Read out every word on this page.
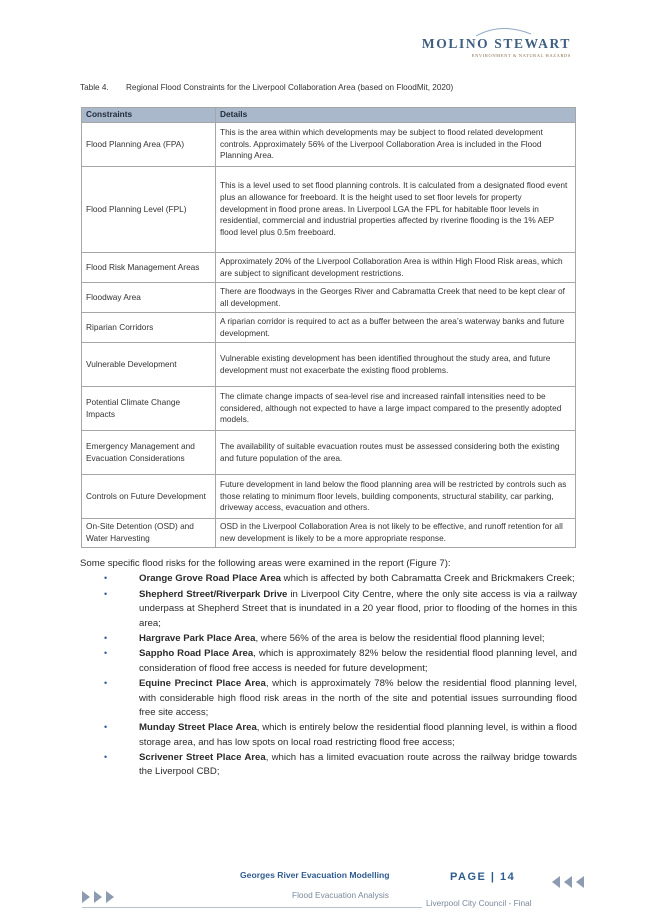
MOLINO STEWART
ENVIRONMENT & NATURAL HAZARDS
Table 4. Regional Flood Constraints for the Liverpool Collaboration Area (based on FloodMit, 2020)
Constraints	Details
Flood Planning Area (FPA)	This is the area within which developments may be subject to flood related development controls. Approximately 56% of the Liverpool Collaboration Area is included in the Flood Planning Area.
Flood Planning Level (FPL)	This is a level used to set flood planning controls. It is calculated from a designated flood event plus an allowance for freeboard. It is the height used to set floor levels for property development in flood prone areas. In Liverpool LGA the FPL for habitable floor levels in residential, commercial and industrial properties affected by riverine flooding is the 1% AEP flood level plus 0.5m freeboard.
Flood Risk Management Areas	Approximately 20% of the Liverpool Collaboration Area is within High Flood Risk areas, which are subject to significant development restrictions.
Floodway Area	There are floodways in the Georges River and Cabramatta Creek that need to be kept clear of all development.
Riparian Corridors	A riparian corridor is required to act as a buffer between the area’s waterway banks and future development.
Vulnerable Development	Vulnerable existing development has been identified throughout the study area, and future development must not exacerbate the existing flood problems.
Potential Climate Change Impacts	The climate change impacts of sea-level rise and increased rainfall intensities need to be considered, although not expected to have a large impact compared to the presently adopted models.
Emergency Management and Evacuation Considerations	The availability of suitable evacuation routes must be assessed considering both the existing and future population of the area.
Controls on Future Development	Future development in land below the flood planning area will be restricted by controls such as those relating to minimum floor levels, building components, structural stability, car parking, driveway access, evacuation and others.
On-Site Detention (OSD) and Water Harvesting	OSD in the Liverpool Collaboration Area is not likely to be effective, and runoff retention for all new development is likely to be a more appropriate response.

Some specific flood risks for the following areas were examined in the report (Figure 7):

•	Orange Grove Road Place Area which is affected by both Cabramatta Creek and Brickmakers Creek;
•	Shepherd Street/Riverpark Drive in Liverpool City Centre, where the only site access is via a railway underpass at Shepherd Street that is inundated in a 20 year flood, prior to flooding of the homes in this area;
•	Hargrave Park Place Area, where 56% of the area is below the residential flood planning level;
•	Sappho Road Place Area, which is approximately 82% below the residential flood planning level, and consideration of flood free access is needed for future development;
•	Equine Precinct Place Area, which is approximately 78% below the residential flood planning level, with considerable high flood risk areas in the north of the site and potential issues surrounding flood free site access;
•	Munday Street Place Area, which is entirely below the residential flood planning level, is within a flood storage area, and has low spots on local road restricting flood free access;
•	Scrivener Street Place Area, which has a limited evacuation route across the railway bridge towards the Liverpool CBD;
Georges River Evacuation Modelling
Flood Evacuation Analysis
PAGE | 14
Liverpool City Council - Final
